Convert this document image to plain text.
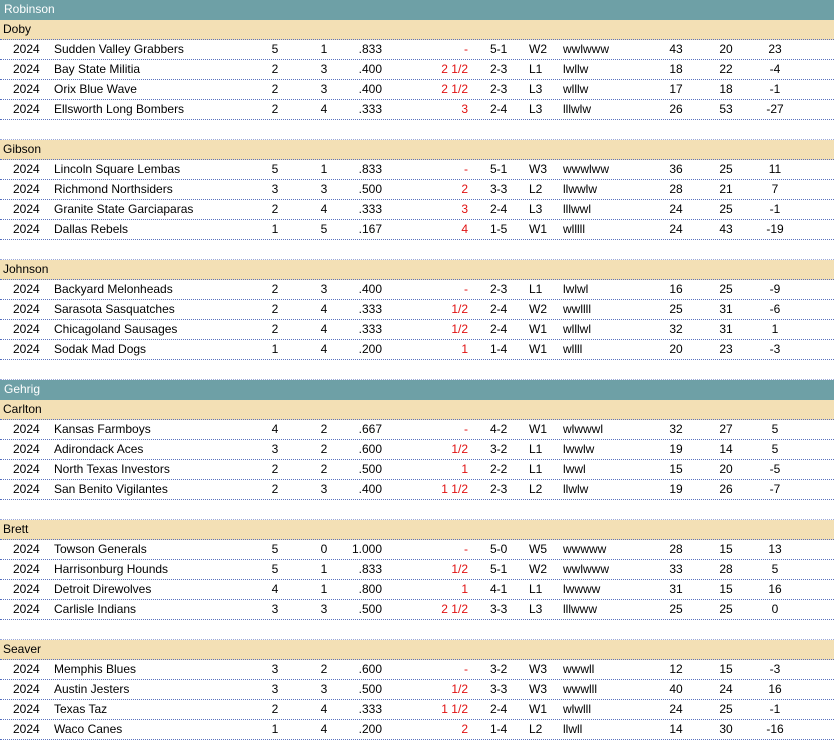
Robinson
Doby
2024 Sudden Valley Grabbers	5	1	.833	- 5-1 W2 wwlwww	43	20	23
2024 Bay State Militia	2	3	.400	2 1/2 2-3 L1 lwllw	18	22	-4
2024 Orix Blue Wave	2	3	.400	2 1/2 2-3 L3 wlllw	17	18	-1
2024 Ellsworth Long Bombers	2	4	.333	3 2-4 L3 lllwlw	26	53	-27
Gibson
2024 Lincoln Square Lembas	5	1	.833	- 5-1 W3 wwwlww	36	25	11
2024 Richmond Northsiders	3	3	.500	2 3-3 L2 llwwlw	28	21	7
2024 Granite State Garciaparas	2	4	.333	3 2-4 L3 lllwwl	24	25	-1
2024 Dallas Rebels	1	5	.167	4 1-5 W1 wlllll	24	43	-19
Johnson
2024 Backyard Melonheads	2	3	.400	- 2-3 L1 lwlwl	16	25	-9
2024 Sarasota Sasquatches	2	4	.333	1/2 2-4 W2 wwllll	25	31	-6
2024 Chicagoland Sausages	2	4	.333	1/2 2-4 W1 wlllwl	32	31	1
2024 Sodak Mad Dogs	1	4	.200	1 1-4 W1 wllll	20	23	-3
Gehrig
Carlton
2024 Kansas Farmboys	4	2	.667	- 4-2 W1 wlwwwl	32	27	5
2024 Adirondack Aces	3	2	.600	1/2 3-2 L1 lwwlw	19	14	5
2024 North Texas Investors	2	2	.500	1 2-2 L1 lwwl	15	20	-5
2024 San Benito Vigilantes	2	3	.400	1 1/2 2-3 L2 llwlw	19	26	-7
Brett
2024 Towson Generals	5	0 1.000	- 5-0 W5 wwwww	28	15	13
2024 Harrisonburg Hounds	5	1	.833	1/2 5-1 W2 wwlwww	33	28	5
2024 Detroit Direwolves	4	1	.800	1 4-1 L1 lwwww	31	15	16
2024 Carlisle Indians	3	3	.500	2 1/2 3-3 L3 lllwww	25	25	0
Seaver
2024 Memphis Blues	3	2	.600	- 3-2 W3 wwwll	12	15	-3
2024 Austin Jesters	3	3	.500	1/2 3-3 W3 wwwlll	40	24	16
2024 Texas Taz	2	4	.333	1 1/2 2-4 W1 wlwlll	24	25	-1
2024 Waco Canes	1	4	.200	2 1-4 L2 llwll	14	30	-16
